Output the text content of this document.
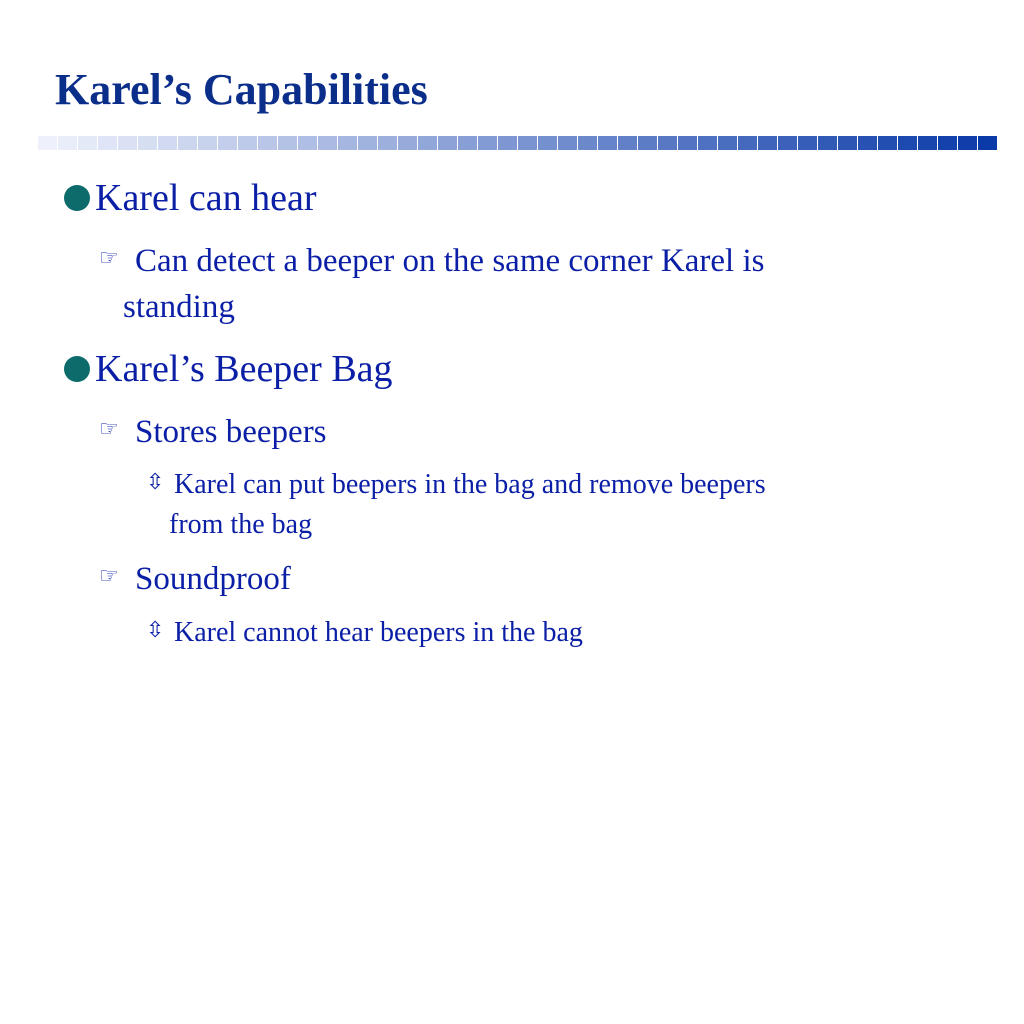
Karel’s Capabilities
Karel can hear
☞ Can detect a beeper on the same corner Karel is
standing
Karel’s Beeper Bag
☞ Stores beepers
⇳ Karel can put beepers in the bag and remove beepers
from the bag
☞ Soundproof
⇳ Karel cannot hear beepers in the bag
